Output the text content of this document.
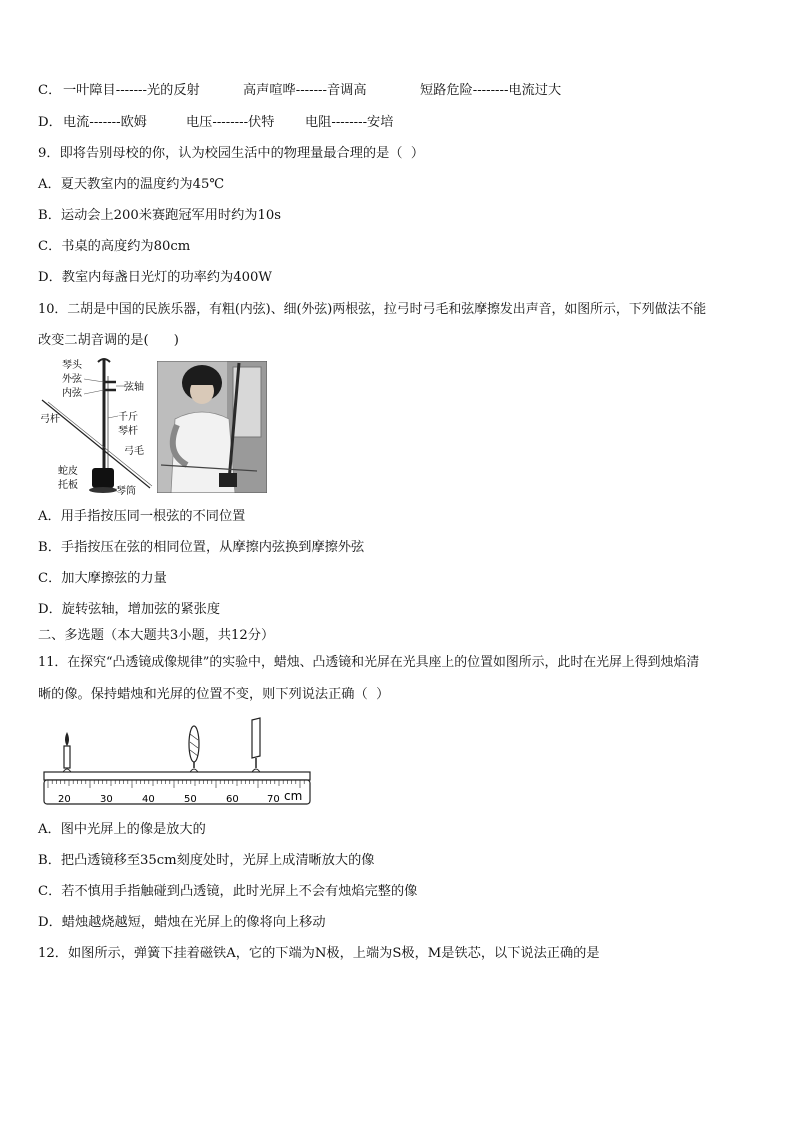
C．

一叶障目-------光的反射

	高声喧哗-------音调高

	短路危险--------电流过大

D．

电流-------欧姆

	电压--------伏特

电阻--------安培

9．即将告别母校的你，认为校园生活中的物理量最合理的是（  ）
A．夏天教室内的温度约为45℃
B．运动会上200米赛跑冠军用时约为10s
C．书桌的高度约为80cm
D．教室内每盏日光灯的功率约为400W
10．二胡是中国的民族乐器，有粗(内弦)、细(外弦)两根弦，拉弓时弓毛和弦摩擦发出声音，如图所示，下列做法不能
改变二胡音调的是(      )
琴头
外弦
内弦
弦轴
弓杆	千斤
琴杆
弓毛
蛇皮
托板
琴筒
A．用手指按压同一根弦的不同位置
B．手指按压在弦的相同位置，从摩擦内弦换到摩擦外弦
C．加大摩擦弦的力量
D．旋转弦轴，增加弦的紧张度
二、多选题（本大题共3小题，共12分）
11．在探究“凸透镜成像规律”的实验中，蜡烛、凸透镜和光屏在光具座上的位置如图所示，此时在光屏上得到烛焰清
晰的像。保持蜡烛和光屏的位置不变，则下列说法正确（  ）
20	30	40	50	60	70 cm
A．图中光屏上的像是放大的
B．把凸透镜移至35cm刻度处时，光屏上成清晰放大的像
C．若不慎用手指触碰到凸透镜，此时光屏上不会有烛焰完整的像
D．蜡烛越烧越短，蜡烛在光屏上的像将向上移动
12．如图所示，弹簧下挂着磁铁A，它的下端为N极，上端为S极，M是铁芯，以下说法正确的是
